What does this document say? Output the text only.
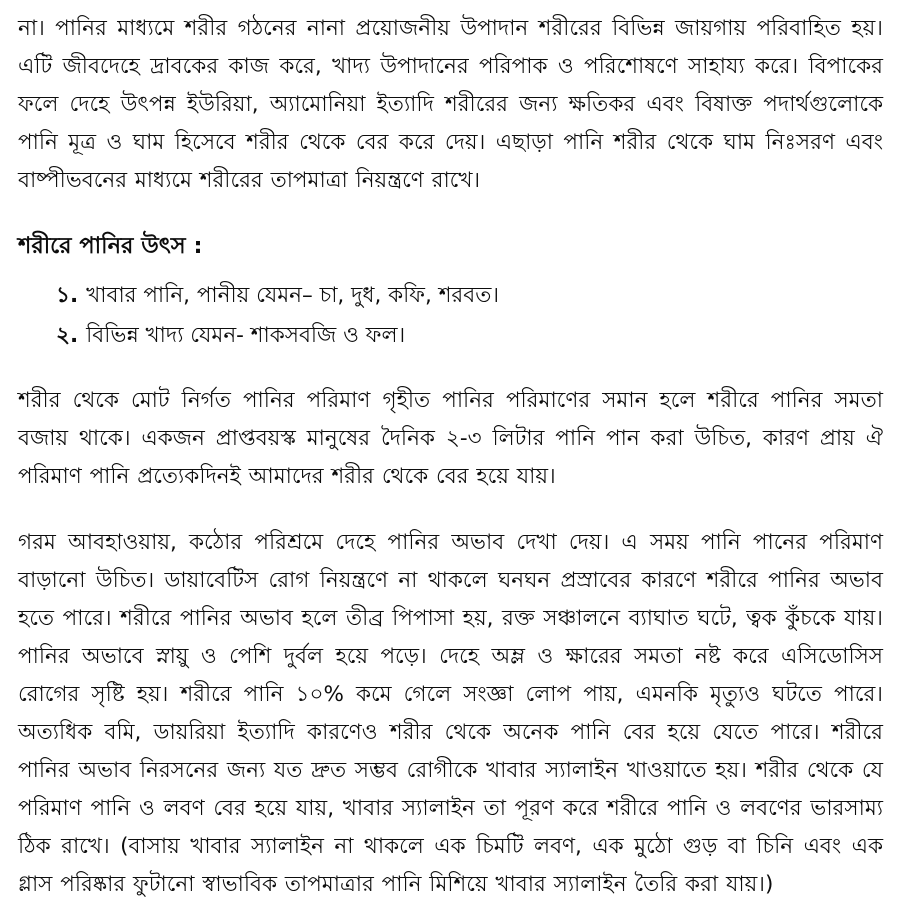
না। পানির মাধ্যমে শরীর গঠনের নানা প্রয়োজনীয় উপাদান শরীরের বিভিন্ন জায়গায় পরিবাহিত হয়। এটি জীবদেহে দ্রাবকের কাজ করে, খাদ্য উপাদানের পরিপাক ও পরিশোষণে সাহায্য করে। বিপাকের ফলে দেহে উৎপন্ন ইউরিয়া, অ্যামোনিয়া ইত্যাদি শরীরের জন্য ক্ষতিকর এবং বিষাক্ত পদার্থগুলোকে পানি মূত্র ও ঘাম হিসেবে শরীর থেকে বের করে দেয়। এছাড়া পানি শরীর থেকে ঘাম নিঃসরণ এবং বাষ্পীভবনের মাধ্যমে শরীরের তাপমাত্রা নিয়ন্ত্রণে রাখে।

শরীরে পানির উৎস :
১. খাবার পানি, পানীয় যেমন– চা, দুধ, কফি, শরবত।
২. বিভিন্ন খাদ্য যেমন- শাকসবজি ও ফল।

শরীর থেকে মোট নির্গত পানির পরিমাণ গৃহীত পানির পরিমাণের সমান হলে শরীরে পানির সমতা বজায় থাকে। একজন প্রাপ্তবয়স্ক মানুষের দৈনিক ২-৩ লিটার পানি পান করা উচিত, কারণ প্রায় ঐ পরিমাণ পানি প্রত্যেকদিনই আমাদের শরীর থেকে বের হয়ে যায়।

গরম আবহাওয়ায়, কঠোর পরিশ্রমে দেহে পানির অভাব দেখা দেয়। এ সময় পানি পানের পরিমাণ বাড়ানো উচিত। ডায়াবেটিস রোগ নিয়ন্ত্রণে না থাকলে ঘনঘন প্রস্রাবের কারণে শরীরে পানির অভাব হতে পারে। শরীরে পানির অভাব হলে তীব্র পিপাসা হয়, রক্ত সঞ্চালনে ব্যাঘাত ঘটে, ত্বক কুঁচকে যায়। পানির অভাবে স্নায়ু ও পেশি দুর্বল হয়ে পড়ে। দেহে অম্ল ও ক্ষারের সমতা নষ্ট করে এসিডোসিস রোগের সৃষ্টি হয়। শরীরে পানি ১০% কমে গেলে সংজ্ঞা লোপ পায়, এমনকি মৃত্যুও ঘটতে পারে। অত্যধিক বমি, ডায়রিয়া ইত্যাদি কারণেও শরীর থেকে অনেক পানি বের হয়ে যেতে পারে। শরীরে পানির অভাব নিরসনের জন্য যত দ্রুত সম্ভব রোগীকে খাবার স্যালাইন খাওয়াতে হয়। শরীর থেকে যে পরিমাণ পানি ও লবণ বের হয়ে যায়, খাবার স্যালাইন তা পূরণ করে শরীরে পানি ও লবণের ভারসাম্য ঠিক রাখে। (বাসায় খাবার স্যালাইন না থাকলে এক চিমটি লবণ, এক মুঠো গুড় বা চিনি এবং এক গ্লাস পরিষ্কার ফুটানো স্বাভাবিক তাপমাত্রার পানি মিশিয়ে খাবার স্যালাইন তৈরি করা যায়।)
